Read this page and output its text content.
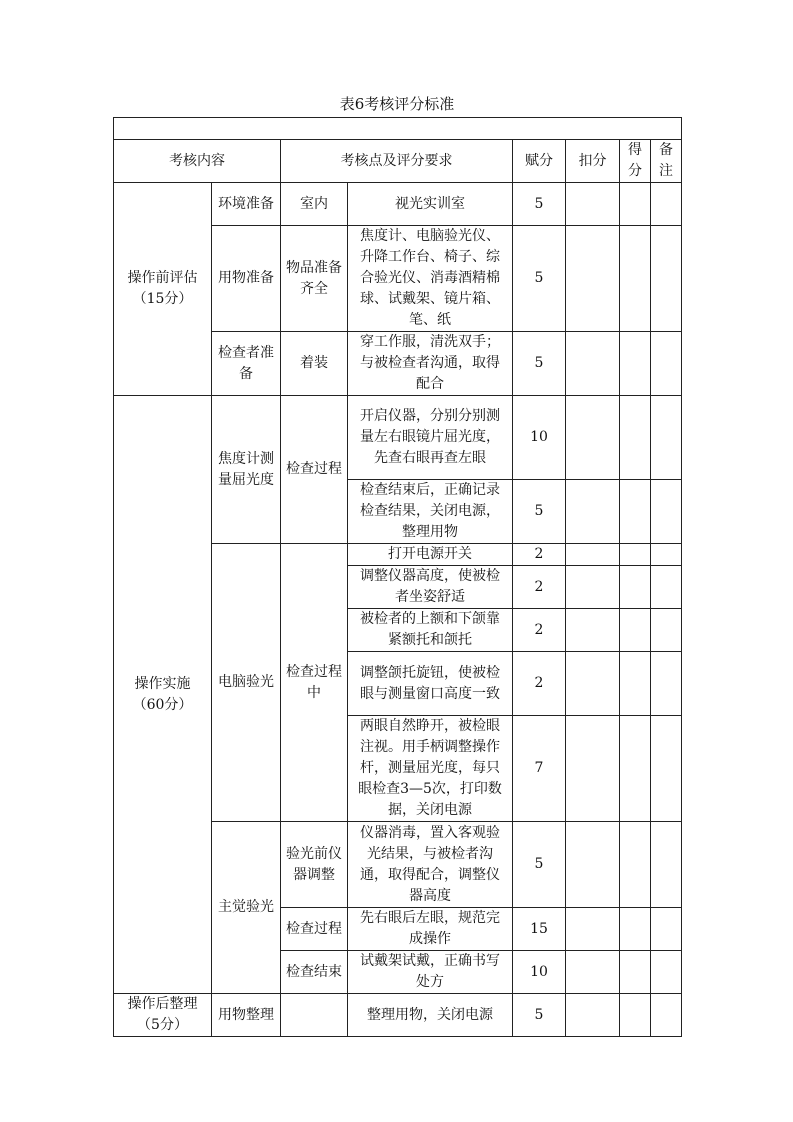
表6考核评分标准

考核内容		考核点及评分要求		赋分	扣分	得分	备注

操作前评估
（15分）	环境准备	室内	视光实训室	5			
	用物准备	物品准备齐全	焦度计、电脑验光仪、升降工作台、椅子、综合验光仪、消毒酒精棉球、试戴架、镜片箱、笔、纸	5			
	检查者准备	着装	穿工作服，清洗双手；与被检查者沟通，取得配合	5			

操作实施
（60分）	焦度计测量屈光度	检查过程	开启仪器，分别分别测量左右眼镜片屈光度，先查右眼再查左眼	10			
			检查结束后，正确记录检查结果，关闭电源，整理用物	5			
	电脑验光	检查过程中	打开电源开关	2			
			调整仪器高度，使被检者坐姿舒适	2			
			被检者的上额和下颌靠紧额托和颌托	2			
			调整颌托旋钮，使被检眼与测量窗口高度一致	2			
			两眼自然睁开，被检眼注视。用手柄调整操作杆，测量屈光度，每只眼检查3—5次，打印数据，关闭电源	7			
	主觉验光	验光前仪器调整	仪器消毒，置入客观验光结果，与被检者沟通，取得配合，调整仪器高度	5			
		检查过程	先右眼后左眼，规范完成操作	15			
		检查结束	试戴架试戴，正确书写处方	10			

操作后整理
（5分）	用物整理		整理用物，关闭电源	5			
